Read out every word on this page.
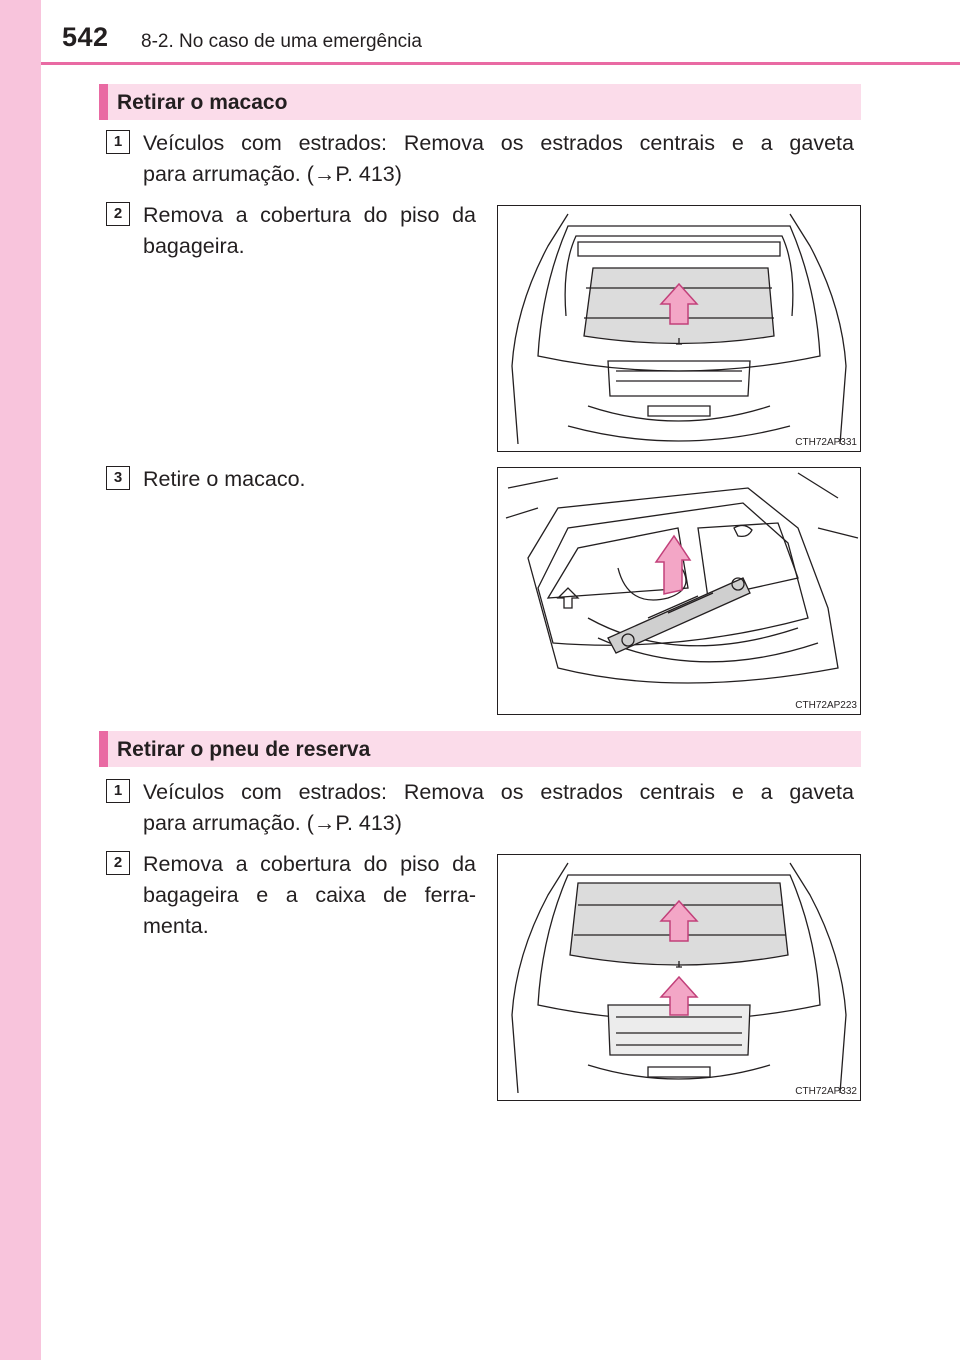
542 8-2. No caso de uma emergência
Retirar o macaco
1 Veículos com estrados: Remova os estrados centrais e a gaveta
para arrumação. (→P. 413)
2 Remova a cobertura do piso da
bagageira.
CTH72AP331
3 Retire o macaco.
CTH72AP223
Retirar o pneu de reserva
1 Veículos com estrados: Remova os estrados centrais e a gaveta
para arrumação. (→P. 413)
2 Remova a cobertura do piso da
bagageira e a caixa de ferra-
menta.
CTH72AP332
carmanualsonline.info
